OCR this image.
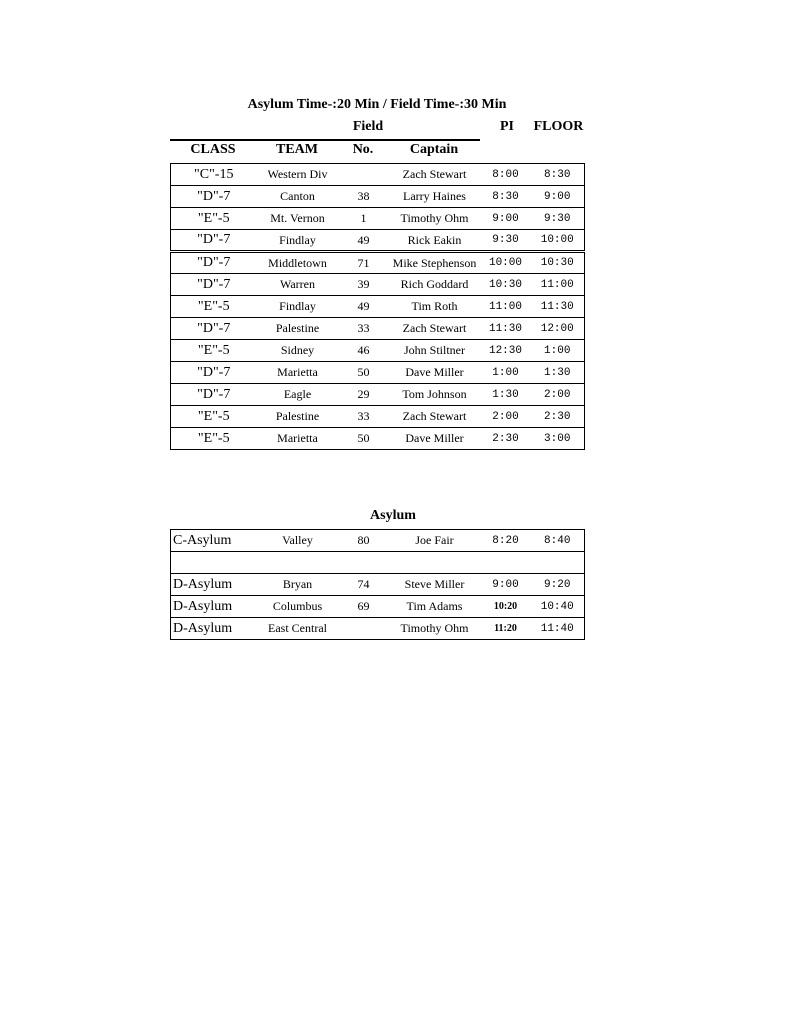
Asylum Time-:20 Min / Field Time-:30 Min
Field	PI	FLOOR
CLASS	TEAM	No.	Captain
"C"-15	Western Div		Zach Stewart	8:00	8:30
"D"-7	Canton	38	Larry Haines	8:30	9:00
"E"-5	Mt. Vernon	1	Timothy Ohm	9:00	9:30
"D"-7	Findlay	49	Rick Eakin	9:30	10:00
"D"-7	Middletown	71	Mike Stephenson	10:00	10:30
"D"-7	Warren	39	Rich Goddard	10:30	11:00
"E"-5	Findlay	49	Tim Roth	11:00	11:30
"D"-7	Palestine	33	Zach Stewart	11:30	12:00
"E"-5	Sidney	46	John Stiltner	12:30	1:00
"D"-7	Marietta	50	Dave Miller	1:00	1:30
"D"-7	Eagle	29	Tom Johnson	1:30	2:00
"E"-5	Palestine	33	Zach Stewart	2:00	2:30
"E"-5	Marietta	50	Dave Miller	2:30	3:00
Asylum
C-Asylum	Valley	80	Joe Fair	8:20	8:40

D-Asylum	Bryan	74	Steve Miller	9:00	9:20
D-Asylum	Columbus	69	Tim Adams	10:20	10:40
D-Asylum	East Central		Timothy Ohm	11:20	11:40
